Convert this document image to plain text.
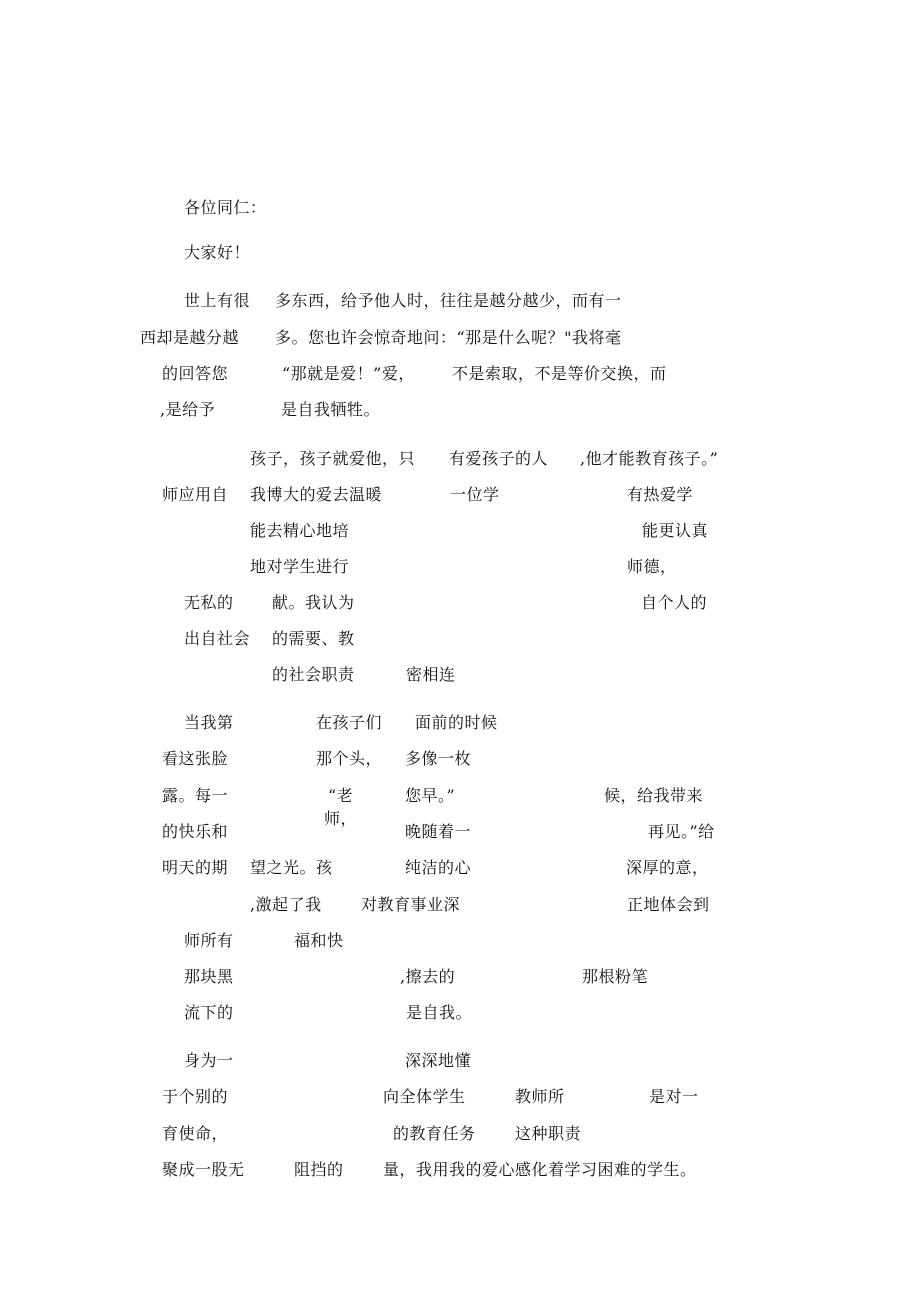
各位同仁：
大家好！
世上有很 多东西，给予他人时，往往是越分越少，而有一
西却是越分越 多。您也许会惊奇地问：“那是什么呢？"我将毫
的回答您	“那就是爱！”爱， 不是索取，不是等价交换，而
,是给予	是自我牺牲。
孩子，孩子就爱他，只 有爱孩子的人 ,他才能教育孩子。”
师应用自 我博大的爱去温暖	一位学	有热爱学
能去精心地培	能更认真
地对学生进行	师德，
无私的 献。我认为	自个人的
出自社会 的需要、教
的社会职责	密相连
当我第	在孩子们 面前的时候
看这张脸	那个头， 多像一枚
露。每一	“老	您早。”	候，给我带来
师，
的快乐和	晚随着一	再见。”给
明天的期 望之光。孩	纯洁的心	深厚的意，
,激起了我 对教育事业深	正地体会到
师所有	福和快
那块黑	,擦去的	那根粉笔
流下的	是自我。
身为一	深深地懂
于个别的	向全体学生	教师所	是对一
育使命，	的教育任务 这种职责
聚成一股无	阻挡的 量，我用我的爱心感化着学习困难的学生。
